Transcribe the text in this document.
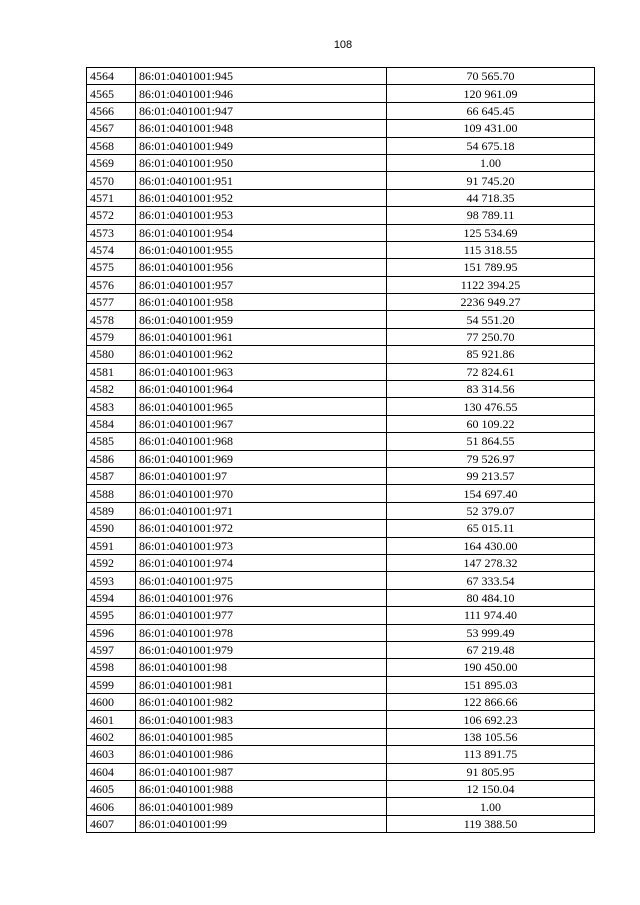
108
4564	86:01:0401001:945	70 565.70
4565	86:01:0401001:946	120 961.09
4566	86:01:0401001:947	66 645.45
4567	86:01:0401001:948	109 431.00
4568	86:01:0401001:949	54 675.18
4569	86:01:0401001:950	1.00
4570	86:01:0401001:951	91 745.20
4571	86:01:0401001:952	44 718.35
4572	86:01:0401001:953	98 789.11
4573	86:01:0401001:954	125 534.69
4574	86:01:0401001:955	115 318.55
4575	86:01:0401001:956	151 789.95
4576	86:01:0401001:957	1122 394.25
4577	86:01:0401001:958	2236 949.27
4578	86:01:0401001:959	54 551.20
4579	86:01:0401001:961	77 250.70
4580	86:01:0401001:962	85 921.86
4581	86:01:0401001:963	72 824.61
4582	86:01:0401001:964	83 314.56
4583	86:01:0401001:965	130 476.55
4584	86:01:0401001:967	60 109.22
4585	86:01:0401001:968	51 864.55
4586	86:01:0401001:969	79 526.97
4587	86:01:0401001:97	99 213.57
4588	86:01:0401001:970	154 697.40
4589	86:01:0401001:971	52 379.07
4590	86:01:0401001:972	65 015.11
4591	86:01:0401001:973	164 430.00
4592	86:01:0401001:974	147 278.32
4593	86:01:0401001:975	67 333.54
4594	86:01:0401001:976	80 484.10
4595	86:01:0401001:977	111 974.40
4596	86:01:0401001:978	53 999.49
4597	86:01:0401001:979	67 219.48
4598	86:01:0401001:98	190 450.00
4599	86:01:0401001:981	151 895.03
4600	86:01:0401001:982	122 866.66
4601	86:01:0401001:983	106 692.23
4602	86:01:0401001:985	138 105.56
4603	86:01:0401001:986	113 891.75
4604	86:01:0401001:987	91 805.95
4605	86:01:0401001:988	12 150.04
4606	86:01:0401001:989	1.00
4607	86:01:0401001:99	119 388.50
